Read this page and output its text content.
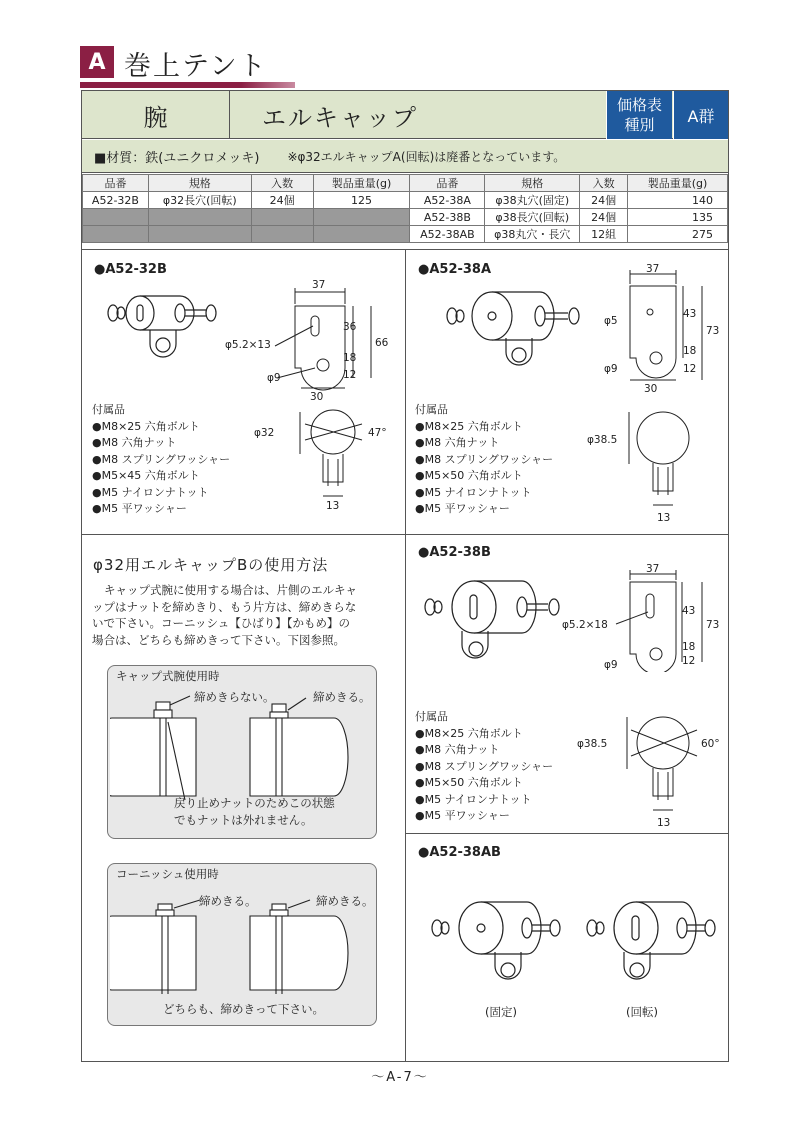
A 巻上テント
腕	エルキャップ	価格表
種別	A群
■材質：鉄(ユニクロメッキ) ※φ32エルキャップA(回転)は廃番となっています。
品番	規格	入数	製品重量(g)	品番	規格	入数	製品重量(g)
A52-32B	φ32長穴(回転)	24個	125	A52-38A	φ38丸穴(固定)	24個	140
				A52-38B	φ38長穴(回転)	24個	135
				A52-38AB	φ38丸穴・長穴	12組	275
●A52-32B
37
φ5.2×13
36
66
18
12
φ9
30
φ32	47°
13
付属品
●M8×25 六角ボルト
●M8 六角ナット
●M8 スプリングワッシャー
●M5×45 六角ボルト
●M5 ナイロンナトット
●M5 平ワッシャー
●A52-38A	37
φ5
43
73
18
12
φ9
30
φ38.5
13
付属品
●M8×25 六角ボルト
●M8 六角ナット
●M8 スプリングワッシャー
●M5×50 六角ボルト
●M5 ナイロンナトット
●M5 平ワッシャー
●A52-38B
37
φ5.2×18
43
73
18
12
φ9
φ38.5	60°
13
付属品
●M8×25 六角ボルト
●M8 六角ナット
●M8 スプリングワッシャー
●M5×50 六角ボルト
●M5 ナイロンナトット
●M5 平ワッシャー
●A52-38AB
(固定)	(回転)
φ32用エルキャップBの使用方法
キャップ式腕に使用する場合は、片側のエルキャ
ップはナットを締めきり、もう片方は、締めきらな
いで下さい。コーニッシュ【ひばり】【かもめ】の
場合は、どちらも締めきって下さい。下図参照。
キャップ式腕使用時
締めきらない。	締めきる。
戻り止めナットのためこの状態
でもナットは外れません。
コーニッシュ使用時
締めきる。	締めきる。
どちらも、締めきって下さい。
～A-7～
